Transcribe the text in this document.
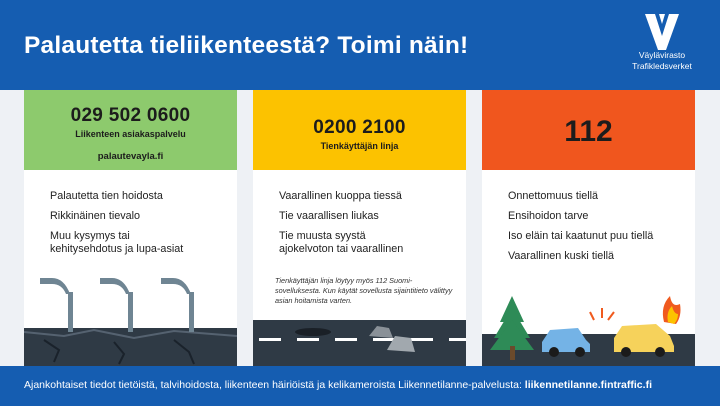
Palautetta tieliikenteestä? Toimi näin!	Väylävirasto
Trafikledsverket
029 502 0600
Liikenteen asiakaspalvelu
palautevayla.fi
Palautetta tien hoidosta
Rikkinäinen tievalo
Muu kysymys tai
kehitysehdotus ja lupa-asiat
0200 2100
Tienkäyttäjän linja
Vaarallinen kuoppa tiessä
Tie vaarallisen liukas
Tie muusta syystä
ajokelvoton tai vaarallinen
Tienkäyttäjän linja löytyy myös 112 Suomi-sovelluksesta. Kun käytät sovellusta sijaintitieto välittyy asian hoitamista varten.
112
Onnettomuus tiellä
Ensihoidon tarve
Iso eläin tai kaatunut puu tiellä
Vaarallinen kuski tiellä
Ajankohtaiset tiedot tietöistä, talvihoidosta, liikenteen häiriöistä ja kelikameroista Liikennetilanne-palvelusta: liikennetilanne.fintraffic.fi
